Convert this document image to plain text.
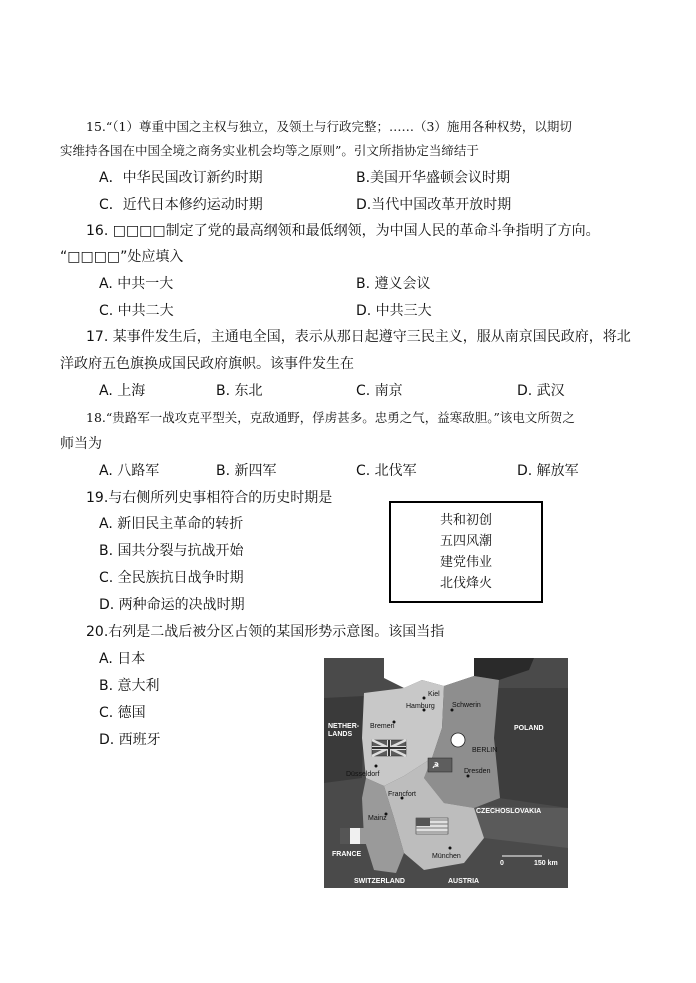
15.“（1）尊重中国之主权与独立，及领土与行政完整；……（3）施用各种权势，以期切
实维持各国在中国全境之商务实业机会均等之原则”。引文所指协定当缔结于
A．中华民国改订新约时期	B.美国开华盛顿会议时期
C．近代日本修约运动时期	D.当代中国改革开放时期
16. □□□□制定了党的最高纲领和最低纲领，为中国人民的革命斗争指明了方向。
“□□□□”处应填入
A. 中共一大	B. 遵义会议
C. 中共二大	D. 中共三大
17. 某事件发生后，主通电全国，表示从那日起遵守三民主义，服从南京国民政府，将北
洋政府五色旗换成国民政府旗帜。该事件发生在
A. 上海	B. 东北	C. 南京	D. 武汉
18.“贵路军一战攻克平型关，克敌通野，俘虏甚多。忠勇之气，益寒敌胆。”该电文所贺之
师当为
A. 八路军	B. 新四军	C. 北伐军	D. 解放军
19.与右侧所列史事相符合的历史时期是
A. 新旧民主革命的转折
B. 国共分裂与抗战开始
C. 全民族抗日战争时期
D. 两种命运的决战时期
共和初创
五四风潮
建党伟业
北伐烽火
20.右列是二战后被分区占领的某国形势示意图。该国当指
A. 日本
B. 意大利
C. 德国
D. 西班牙
☭
Kiel
Hamburg Schwerin
Bremen
NETHER-
LANDS
POLAND
BERLIN
Dresden
Düsseldorf
Francfort
Mainz
CZECHOSLOVAKIA
FRANCE	München
SWITZERLAND	AUSTRIA
0	150 km
